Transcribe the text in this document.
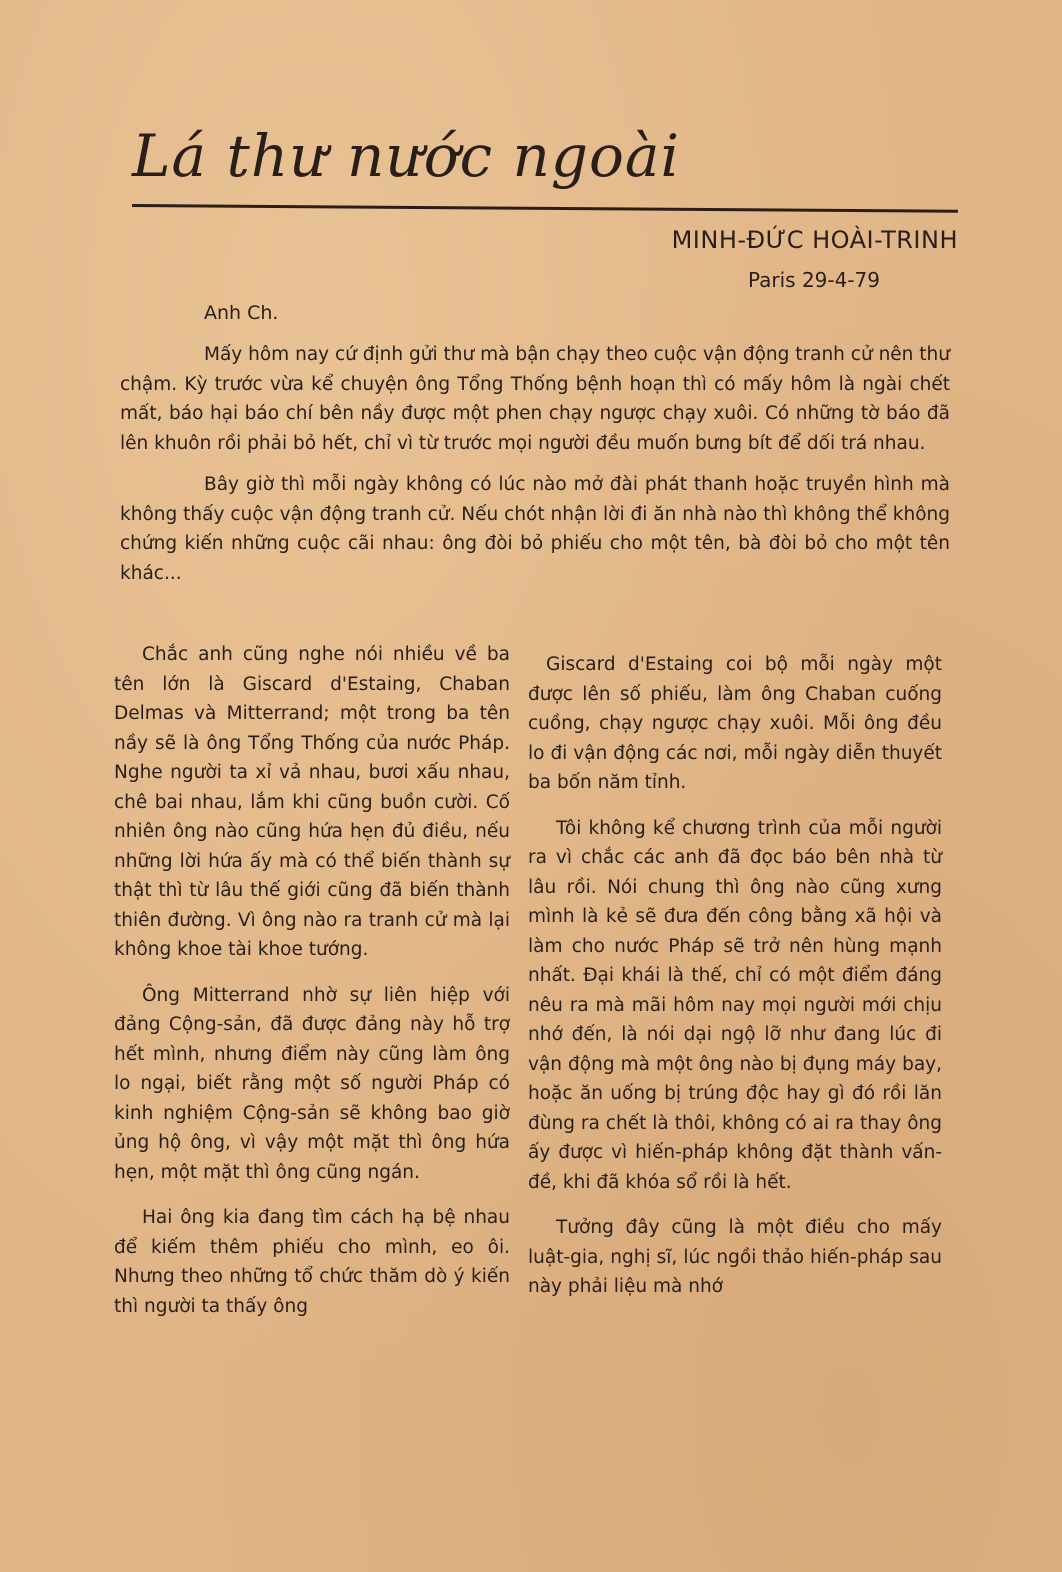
Lá thư nước ngoài
MINH-ĐỨC HOÀI-TRINH
Paris 29-4-79
Anh Ch.

Mấy hôm nay cứ định gửi thư mà bận chạy theo cuộc vận động tranh cử nên thư chậm. Kỳ trước vừa kể chuyện ông Tổng Thống bệnh hoạn thì có mấy hôm là ngài chết mất, báo hại báo chí bên nầy được một phen chạy ngược chạy xuôi. Có những tờ báo đã lên khuôn rồi phải bỏ hết, chỉ vì từ trước mọi người đều muốn bưng bít để dối trá nhau.

Bây giờ thì mỗi ngày không có lúc nào mở đài phát thanh hoặc truyền hình mà không thấy cuộc vận động tranh cử. Nếu chót nhận lời đi ăn nhà nào thì không thể không chứng kiến những cuộc cãi nhau: ông đòi bỏ phiếu cho một tên, bà đòi bỏ cho một tên khác...

Chắc anh cũng nghe nói nhiều về ba tên lớn là Giscard d'Estaing, Chaban Delmas và Mitterrand; một trong ba tên nầy sẽ là ông Tổng Thống của nước Pháp. Nghe người ta xỉ vả nhau, bươi xấu nhau, chê bai nhau, lắm khi cũng buồn cười. Cố nhiên ông nào cũng hứa hẹn đủ điều, nếu những lời hứa ấy mà có thể biến thành sự thật thì từ lâu thế giới cũng đã biến thành thiên đường. Vì ông nào ra tranh cử mà lại không khoe tài khoe tướng.

Ông Mitterrand nhờ sự liên hiệp với đảng Cộng-sản, đã được đảng này hỗ trợ hết mình, nhưng điểm này cũng làm ông lo ngại, biết rằng một số người Pháp có kinh nghiệm Cộng-sản sẽ không bao giờ ủng hộ ông, vì vậy một mặt thì ông hứa hẹn, một mặt thì ông cũng ngán.

Hai ông kia đang tìm cách hạ bệ nhau để kiếm thêm phiếu cho mình, eo ôi. Nhưng theo những tổ chức thăm dò ý kiến thì người ta thấy ông

Giscard d'Estaing coi bộ mỗi ngày một được lên số phiếu, làm ông Chaban cuống cuồng, chạy ngược chạy xuôi. Mỗi ông đều lo đi vận động các nơi, mỗi ngày diễn thuyết ba bốn năm tỉnh.

Tôi không kể chương trình của mỗi người ra vì chắc các anh đã đọc báo bên nhà từ lâu rồi. Nói chung thì ông nào cũng xưng mình là kẻ sẽ đưa đến công bằng xã hội và làm cho nước Pháp sẽ trở nên hùng mạnh nhất. Đại khái là thế, chỉ có một điểm đáng nêu ra mà mãi hôm nay mọi người mới chịu nhớ đến, là nói dại ngộ lỡ như đang lúc đi vận động mà một ông nào bị đụng máy bay, hoặc ăn uống bị trúng độc hay gì đó rồi lăn đùng ra chết là thôi, không có ai ra thay ông ấy được vì hiến-pháp không đặt thành vấn-đề, khi đã khóa sổ rồi là hết.

Tưởng đây cũng là một điều cho mấy luật-gia, nghị sĩ, lúc ngồi thảo hiến-pháp sau này phải liệu mà nhớ
